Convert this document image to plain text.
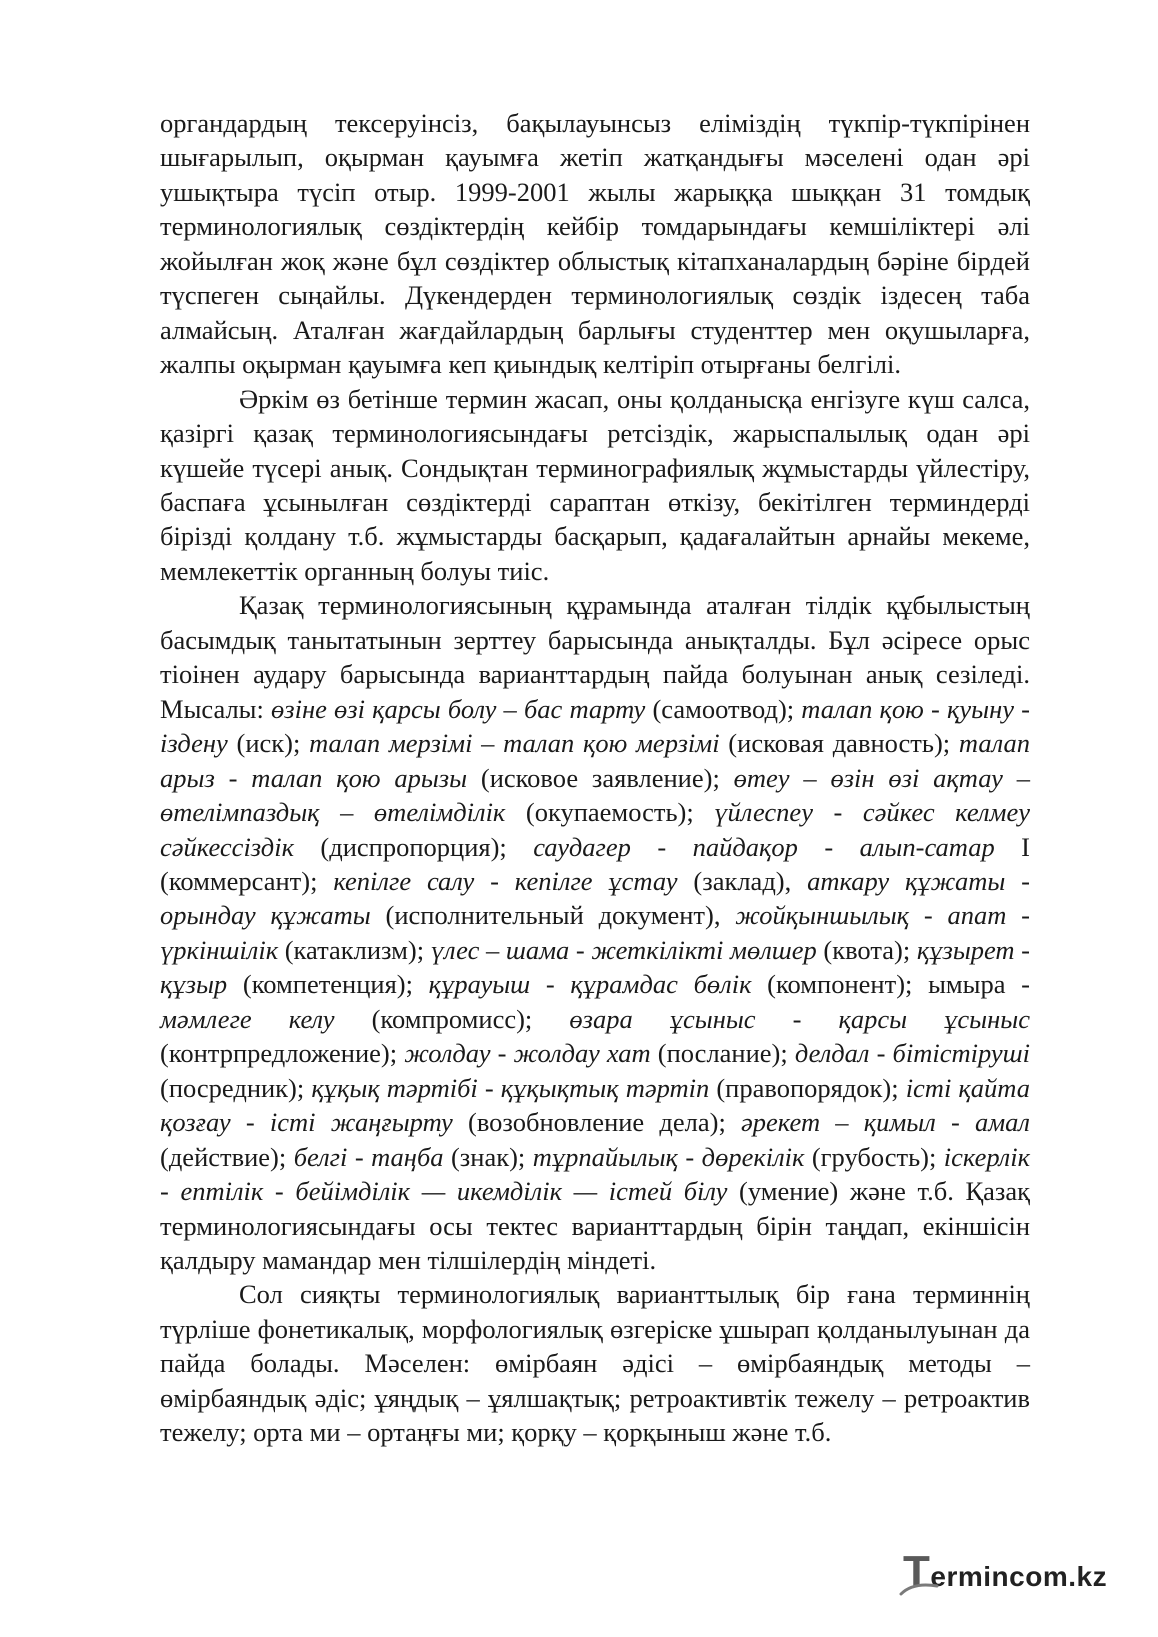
органдардың тексеруінсіз, бақылауынсыз еліміздің түкпір-түкпірінен шығарылып, оқырман қауымға жетіп жатқандығы мәселені одан әрі ушықтыра түсіп отыр. 1999-2001 жылы жарыққа шыққан 31 томдық терминологиялық сөздіктердің кейбір томдарындағы кемшіліктері әлі жойылған жоқ және бұл сөздіктер облыстық кітапханалардың бәріне бірдей түспеген сыңайлы. Дүкендерден терминологиялық сөздік іздесең таба алмайсың. Аталған жағдайлардың барлығы студенттер мен оқушыларға, жалпы оқырман қауымға кеп қиындық келтіріп отырғаны белгілі.

Әркім өз бетінше термин жасап, оны қолданысқа енгізуге күш салса, қазіргі қазақ терминологиясындағы ретсіздік, жарыспалылық одан әрі күшейе түсері анық. Сондықтан терминографиялық жұмыстарды үйлестіру, баспаға ұсынылған сөздіктерді сараптан өткізу, бекітілген терминдерді бірізді қолдану т.б. жұмыстарды басқарып, қадағалайтын арнайы мекеме, мемлекеттік органның болуы тиіс.

Қазақ терминологиясының құрамында аталған тілдік құбылыстың басымдық танытатынын зерттеу барысында анықталды. Бұл әсіресе орыс тіоінен аудару барысында варианттардың пайда болуынан анық сезіледі. Мысалы: өзіне өзі қарсы болу – бас тарту (самоотвод); талап қою - қуыну - іздену (иск); талап мерзімі – талап қою мерзімі (исковая давность); талап арыз - талап қою арызы (исковое заявление); өтеу – өзін өзі ақтау – өтелімпаздық – өтелімділік (окупаемость); үйлеспеу - сәйкес келмеу сәйкессіздік (диспропорция); саудагер - пайдақор - алып-сатар І (коммерсант); кепілге салу - кепілге ұстау (заклад), аткару құжаты - орындау құжаты (исполнительный документ), жойқыншылық - апат - үркіншілік (катаклизм); үлес – шама - жеткілікті мөлшер (квота); құзырет - құзыр (компетенция); құрауыш - құрамдас бөлік (компонент); ымыра - мәмлеге келу (компромисс); өзара ұсыныс - қарсы ұсыныс (контрпредложение); жолдау - жолдау хат (послание); делдал - бітістіруші (посредник); құқық тәртібі - құқықтық тәртіп (правопорядок); істі қайта қозғау - істі жаңғырту (возобновление дела); әрекет – қимыл - амал (действие); белгі - таңба (знак); тұрпайылық - дөрекілік (грубость); іскерлік - ептілік - бейімділік — икемділік — істей білу (умение) және т.б. Қазақ терминологиясындағы осы тектес варианттардың бірін таңдап, екіншісін қалдыру мамандар мен тілшілердің міндеті.

Сол сияқты терминологиялық варианттылық бір ғана терминнің түрліше фонетикалық, морфологиялық өзгеріске ұшырап қолданылуынан да пайда болады. Мәселен: өмірбаян әдісі – өмірбаяндық методы – өмірбаяндық әдіс; ұяңдық – ұялшақтық; ретроактивтік тежелу – ретроактив тежелу; орта ми – ортаңғы ми; қорқу – қорқыныш және т.б.

Termincom.kz
